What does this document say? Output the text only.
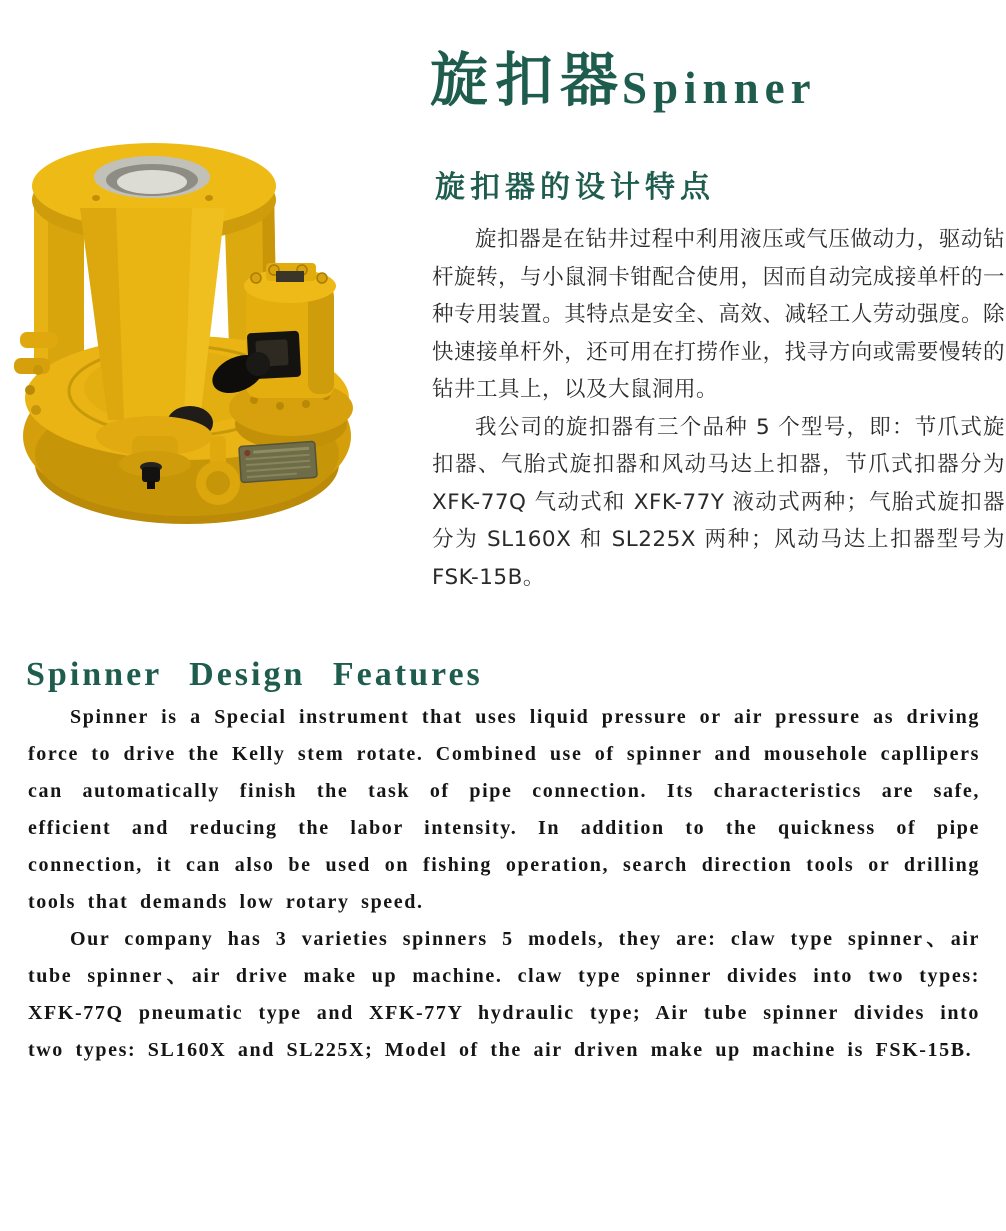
旋扣器
Spinner
旋扣器的设计特点

旋扣器是在钻井过程中利用液压或气压做动力，驱动钻杆旋转，与小鼠洞卡钳配合使用，因而自动完成接单杆的一种专用装置。其特点是安全、高效、减轻工人劳动强度。除快速接单杆外，还可用在打捞作业，找寻方向或需要慢转的钻井工具上，以及大鼠洞用。

我公司的旋扣器有三个品种 5 个型号，即：节爪式旋扣器、气胎式旋扣器和风动马达上扣器，节爪式扣器分为 XFK-77Q 气动式和 XFK-77Y 液动式两种；气胎式旋扣器分为 SL160X 和 SL225X 两种；风动马达上扣器型号为 FSK-15B。

Spinner Design Features

Spinner is a Special instrument that uses liquid pressure or air pressure as driving force to drive the Kelly stem rotate. Combined use of spinner and mousehole capllipers can automatically finish the task of pipe connection. Its characteristics are safe, efficient and reducing the labor intensity. In addition to the quickness of pipe connection, it can also be used on fishing operation, search direction tools or drilling tools that demands low rotary speed.

Our company has 3 varieties spinners 5 models, they are: claw type spinner、air tube spinner、air drive make up machine. claw type spinner divides into two types: XFK-77Q pneumatic type and XFK-77Y hydraulic type; Air tube spinner divides into two types: SL160X and SL225X; Model of the air driven make up machine is FSK-15B.
